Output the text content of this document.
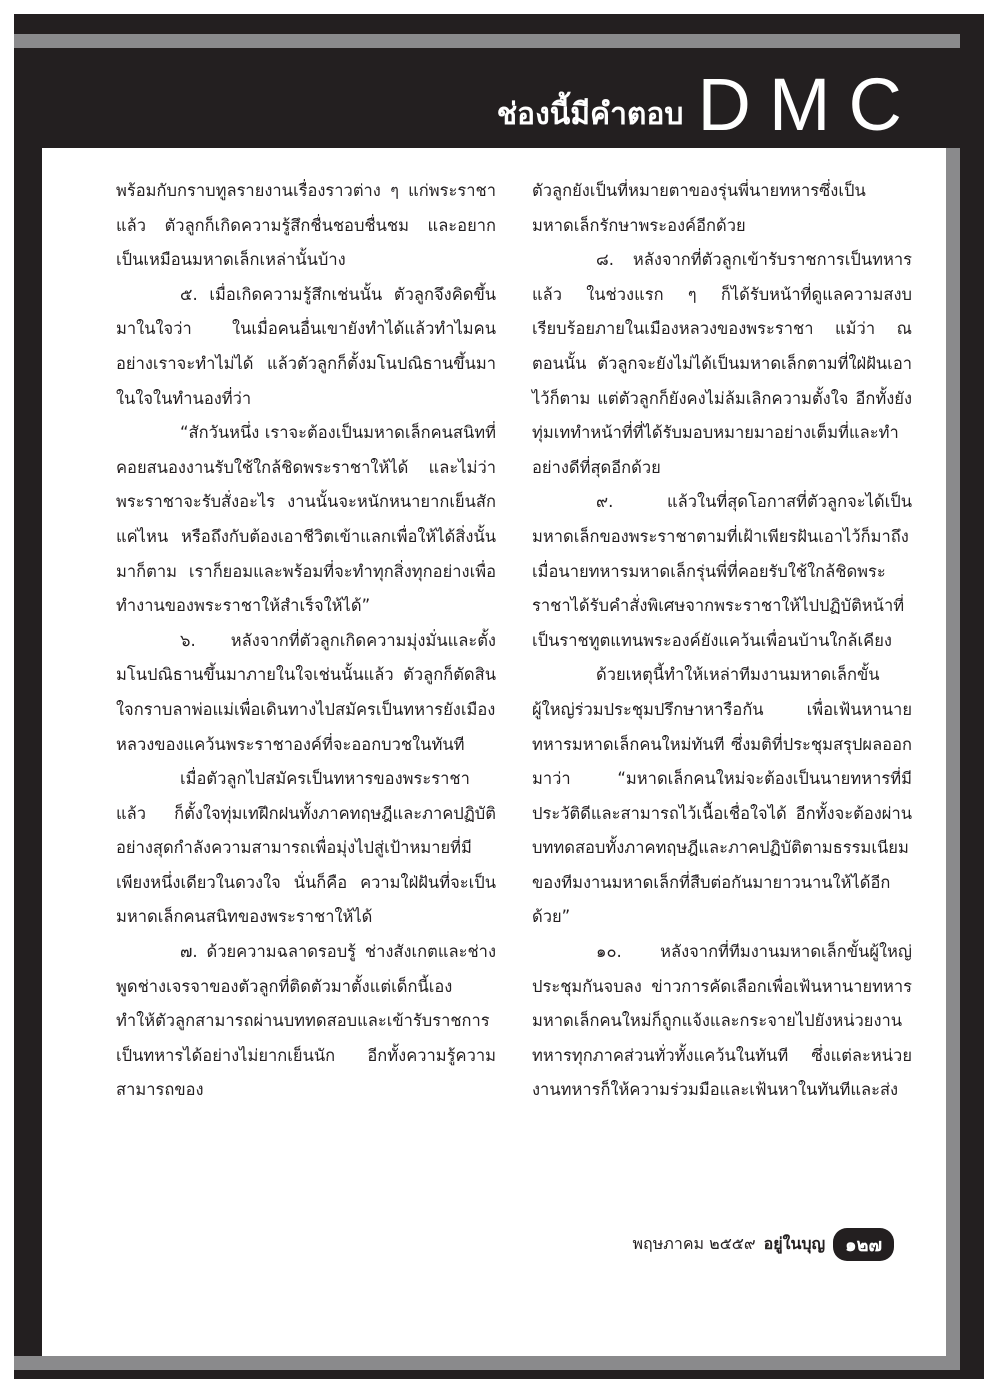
ช่องนี้มีคำตอบ DMC

พร้อมกับกราบทูลรายงานเรื่องราวต่าง ๆ แก่พระราชาแล้ว ตัวลูกก็เกิดความรู้สึกชื่นชอบชื่นชม และอยากเป็นเหมือนมหาดเล็กเหล่านั้นบ้าง

๕. เมื่อเกิดความรู้สึกเช่นนั้น ตัวลูกจึงคิดขึ้นมาในใจว่า ในเมื่อคนอื่นเขายังทำได้แล้วทำไมคนอย่างเราจะทำไม่ได้ แล้วตัวลูกก็ตั้งมโนปณิธานขึ้นมาในใจในทำนองที่ว่า

“สักวันหนึ่ง เราจะต้องเป็นมหาดเล็กคนสนิทที่คอยสนองงานรับใช้ใกล้ชิดพระราชาให้ได้ และไม่ว่าพระราชาจะรับสั่งอะไร งานนั้นจะหนักหนายากเย็นสักแค่ไหน หรือถึงกับต้องเอาชีวิตเข้าแลกเพื่อให้ได้สิ่งนั้นมาก็ตาม เราก็ยอมและพร้อมที่จะทำทุกสิ่งทุกอย่างเพื่อทำงานของพระราชาให้สำเร็จให้ได้”

๖. หลังจากที่ตัวลูกเกิดความมุ่งมั่นและตั้งมโนปณิธานขึ้นมาภายในใจเช่นนั้นแล้ว ตัวลูกก็ตัดสินใจกราบลาพ่อแม่เพื่อเดินทางไปสมัครเป็นทหารยังเมืองหลวงของแคว้นพระราชาองค์ที่จะออกบวชในทันที

เมื่อตัวลูกไปสมัครเป็นทหารของพระราชาแล้ว ก็ตั้งใจทุ่มเทฝึกฝนทั้งภาคทฤษฎีและภาคปฏิบัติอย่างสุดกำลังความสามารถเพื่อมุ่งไปสู่เป้าหมายที่มีเพียงหนึ่งเดียวในดวงใจ นั่นก็คือ ความใฝ่ฝันที่จะเป็นมหาดเล็กคนสนิทของพระราชาให้ได้

๗. ด้วยความฉลาดรอบรู้ ช่างสังเกตและช่างพูดช่างเจรจาของตัวลูกที่ติดตัวมาตั้งแต่เด็กนี้เอง ทำให้ตัวลูกสามารถผ่านบททดสอบและเข้ารับราชการเป็นทหารได้อย่างไม่ยากเย็นนัก อีกทั้งความรู้ความสามารถของ

ตัวลูกยังเป็นที่หมายตาของรุ่นพี่นายทหารซึ่งเป็นมหาดเล็กรักษาพระองค์อีกด้วย

๘. หลังจากที่ตัวลูกเข้ารับราชการเป็นทหารแล้ว ในช่วงแรก ๆ ก็ได้รับหน้าที่ดูแลความสงบเรียบร้อยภายในเมืองหลวงของพระราชา แม้ว่า ณ ตอนนั้น ตัวลูกจะยังไม่ได้เป็นมหาดเล็กตามที่ใฝ่ฝันเอาไว้ก็ตาม แต่ตัวลูกก็ยังคงไม่ล้มเลิกความตั้งใจ อีกทั้งยังทุ่มเททำหน้าที่ที่ได้รับมอบหมายมาอย่างเต็มที่และทำอย่างดีที่สุดอีกด้วย

๙. แล้วในที่สุดโอกาสที่ตัวลูกจะได้เป็นมหาดเล็กของพระราชาตามที่เฝ้าเพียรฝันเอาไว้ก็มาถึง เมื่อนายทหารมหาดเล็กรุ่นพี่ที่คอยรับใช้ใกล้ชิดพระราชาได้รับคำสั่งพิเศษจากพระราชาให้ไปปฏิบัติหน้าที่เป็นราชทูตแทนพระองค์ยังแคว้นเพื่อนบ้านใกล้เคียง

ด้วยเหตุนี้ทำให้เหล่าทีมงานมหาดเล็กขั้นผู้ใหญ่ร่วมประชุมปรึกษาหารือกัน เพื่อเฟ้นหานายทหารมหาดเล็กคนใหม่ทันที ซึ่งมติที่ประชุมสรุปผลออกมาว่า “มหาดเล็กคนใหม่จะต้องเป็นนายทหารที่มีประวัติดีและสามารถไว้เนื้อเชื่อใจได้ อีกทั้งจะต้องผ่านบททดสอบทั้งภาคทฤษฎีและภาคปฏิบัติตามธรรมเนียมของทีมงานมหาดเล็กที่สืบต่อกันมายาวนานให้ได้อีกด้วย”

๑๐. หลังจากที่ทีมงานมหาดเล็กขั้นผู้ใหญ่ประชุมกันจบลง ข่าวการคัดเลือกเพื่อเฟ้นหานายทหารมหาดเล็กคนใหม่ก็ถูกแจ้งและกระจายไปยังหน่วยงานทหารทุกภาคส่วนทั่วทั้งแคว้นในทันที ซึ่งแต่ละหน่วยงานทหารก็ให้ความร่วมมือและเฟ้นหาในทันทีและส่ง

พฤษภาคม ๒๕๕๙ อยู่ในบุญ	๑๒๗
